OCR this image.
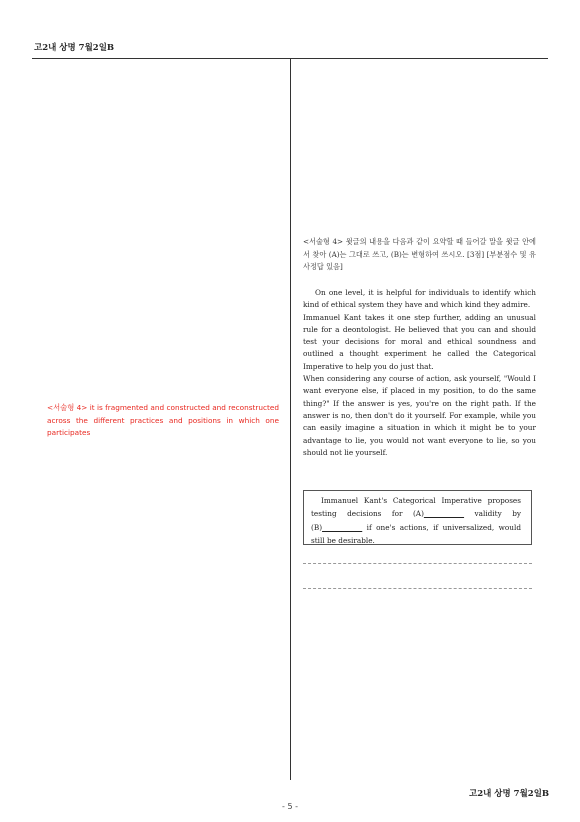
고2내 상명 7월2일B
<서술형 4> it is fragmented and constructed and reconstructed across the different practices and positions in which one participates
<서술형 4> 윗글의 내용을 다음과 같이 요약할 때 들어갈 말을 윗글 안에서 찾아 (A)는 그대로 쓰고, (B)는 변형하여 쓰시오. [3점] [부분점수 및 유사정답 있음]

On one level, it is helpful for individuals to identify which kind of ethical system they have and which kind they admire.

Immanuel Kant takes it one step further, adding an unusual rule for a deontologist. He believed that you can and should test your decisions for moral and ethical soundness and outlined a thought experiment he called the Categorical Imperative to help you do just that.

When considering any course of action, ask yourself, "Would I want everyone else, if placed in my position, to do the same thing?" If the answer is yes, you're on the right path. If the answer is no, then don't do it yourself. For example, while you can easily imagine a situation in which it might be to your advantage to lie, you would not want everyone to lie, so you should not lie yourself.

Immanuel Kant's Categorical Imperative proposes testing decisions for (A)___________ validity by (B)___________ if one's actions, if universalized, would still be desirable.
고2내 상명 7월2일B
- 5 -
